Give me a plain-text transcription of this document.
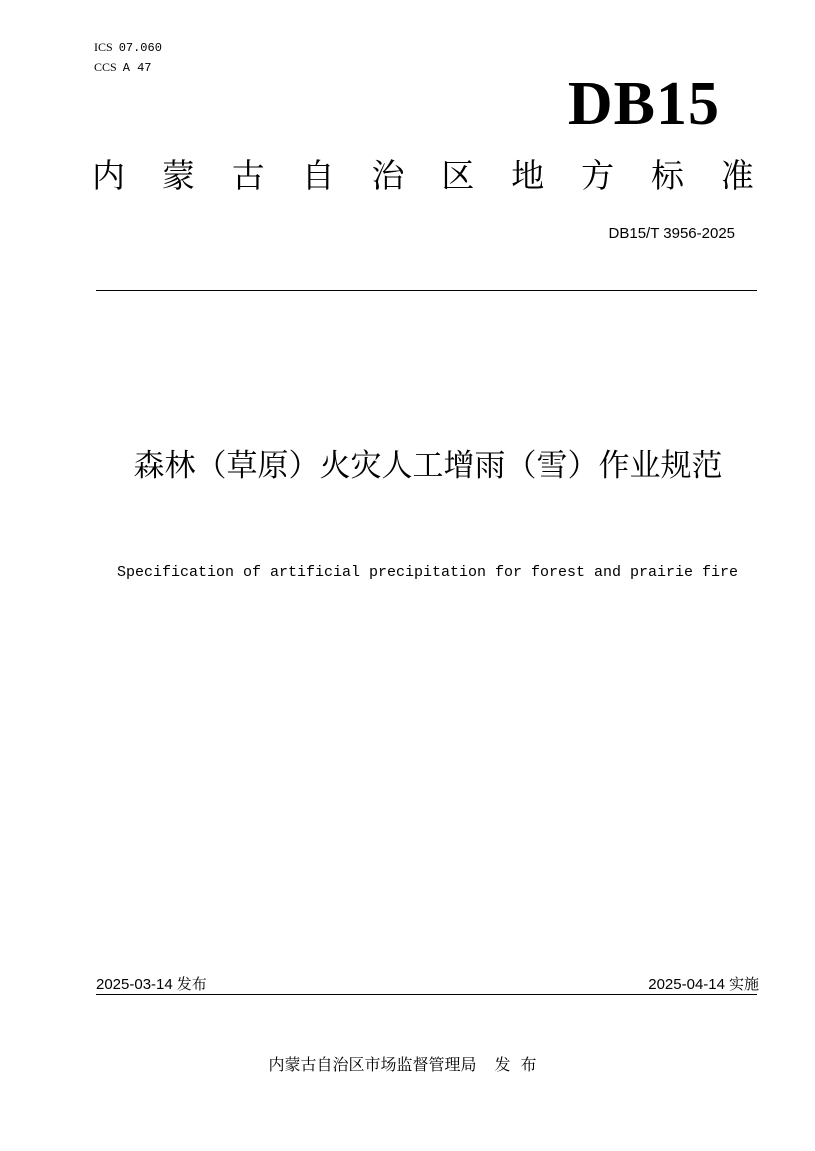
ICS 07.060
CCS A 47
DB15
内 蒙 古 自 治 区 地 方 标 准
DB15/T 3956-2025
森林（草原）火灾人工增雨（雪）作业规范
Specification of artificial precipitation for forest and prairie fire
2025-03-14 发布	2025-04-14 实施
内蒙古自治区市场监督管理局 发布
